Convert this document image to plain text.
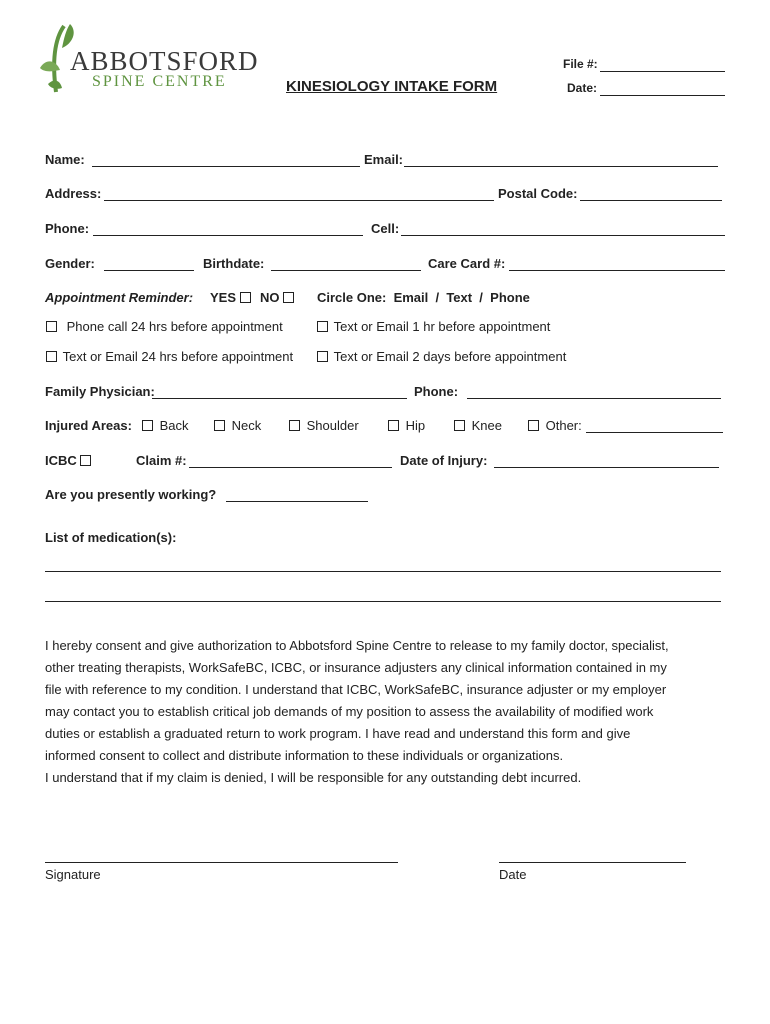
ABBOTSFORD
SPINE CENTRE	KINESIOLOGY INTAKE FORM
File #:
Date:
Name:	Email:
Address:	Postal Code:
Phone:	Cell:
Gender:	Birthdate:	Care Card #:
Appointment Reminder: YES	NO	Circle One:  Email  /  Text  /  Phone
Phone call 24 hrs before appointment	Text or Email 1 hr before appointment
Text or Email 24 hrs before appointment	Text or Email 2 days before appointment
Family Physician:	Phone:
Injured Areas:	Back	Neck	Shoulder	Hip	Knee	Other:
ICBC	Claim #:	Date of Injury:
Are you presently working?
List of medication(s):

I hereby consent and give authorization to Abbotsford Spine Centre to release to my family doctor, specialist,

other treating therapists, WorkSafeBC, ICBC, or insurance adjusters any clinical information contained in my

file with reference to my condition. I understand that ICBC, WorkSafeBC, insurance adjuster or my employer

may contact you to establish critical job demands of my position to assess the availability of modified work

duties or establish a graduated return to work program. I have read and understand this form and give

informed consent to collect and distribute information to these individuals or organizations.

I understand that if my claim is denied, I will be responsible for any outstanding debt incurred.

Signature	Date
